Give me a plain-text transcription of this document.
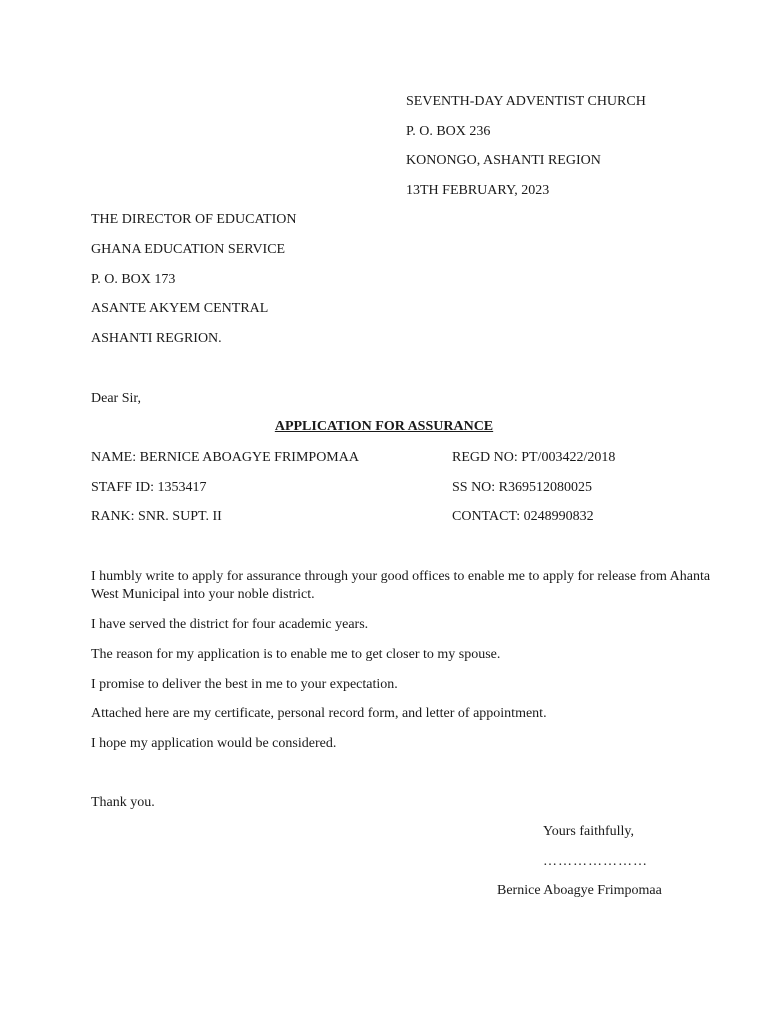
SEVENTH-DAY ADVENTIST CHURCH
P. O. BOX 236
KONONGO, ASHANTI REGION
13TH FEBRUARY, 2023
THE DIRECTOR OF EDUCATION
GHANA EDUCATION SERVICE
P. O. BOX 173
ASANTE AKYEM CENTRAL
ASHANTI REGRION.
Dear Sir,
APPLICATION FOR ASSURANCE
NAME: BERNICE ABOAGYE FRIMPOMAA	REGD NO: PT/003422/2018
STAFF ID: 1353417	SS NO: R369512080025
RANK: SNR. SUPT. II	CONTACT: 0248990832
I humbly write to apply for assurance through your good offices to enable me to apply for release from Ahanta West Municipal into your noble district.
I have served the district for four academic years.
The reason for my application is to enable me to get closer to my spouse.
I promise to deliver the best in me to your expectation.
Attached here are my certificate, personal record form, and letter of appointment.
I hope my application would be considered.
Thank you.
Yours faithfully,
…………………
Bernice Aboagye Frimpomaa
